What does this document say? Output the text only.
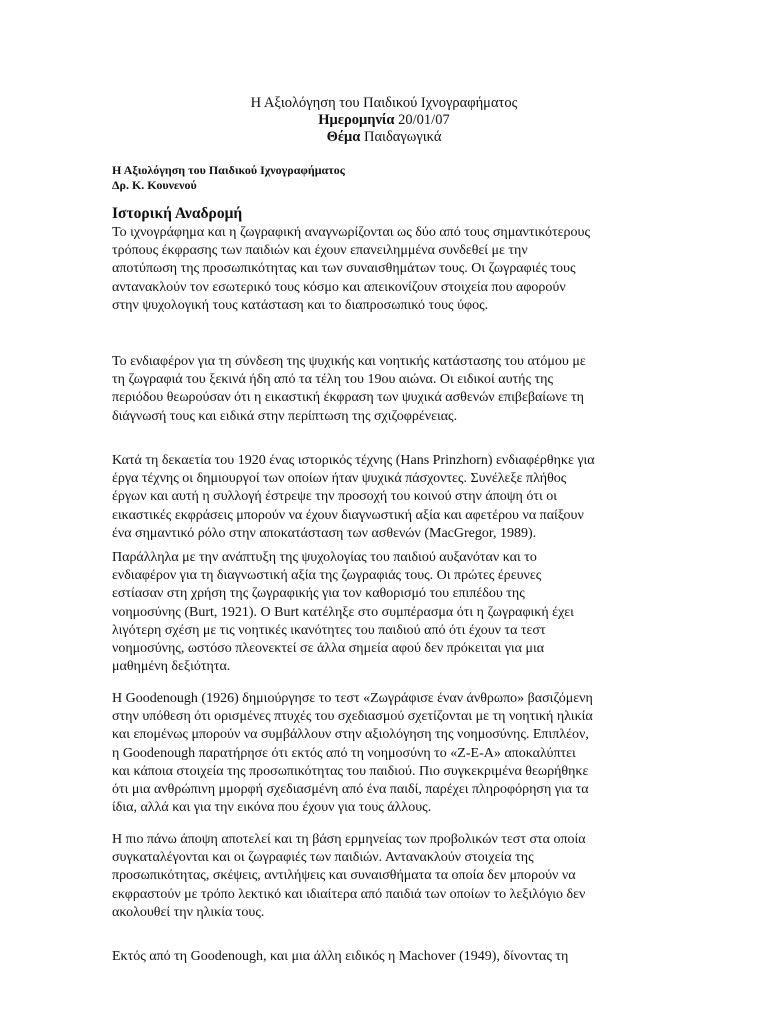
Η Αξιολόγηση του Παιδικού Ιχνογραφήματος
Ημερομηνία 20/01/07
Θέμα Παιδαγωγικά
Η Αξιολόγηση του Παιδικού Ιχνογραφήματος
Δρ. Κ. Κουνενού
Ιστορική Αναδρομή
Το ιχνογράφημα και η ζωγραφική αναγνωρίζονται ως δύο από τους σημαντικότερους
τρόπους έκφρασης των παιδιών και έχουν επανειλημμένα συνδεθεί με την
αποτύπωση της προσωπικότητας και των συναισθημάτων τους. Οι ζωγραφιές τους
αντανακλούν τον εσωτερικό τους κόσμο και απεικονίζουν στοιχεία που αφορούν
στην ψυχολογική τους κατάσταση και το διαπροσωπικό τους ύφος.
Το ενδιαφέρον για τη σύνδεση της ψυχικής και νοητικής κατάστασης του ατόμου με
τη ζωγραφιά του ξεκινά ήδη από τα τέλη του 19ου αιώνα. Οι ειδικοί αυτής της
περιόδου θεωρούσαν ότι η εικαστική έκφραση των ψυχικά ασθενών επιβεβαίωνε τη
διάγνωσή τους και ειδικά στην περίπτωση της σχιζοφρένειας.
Κατά τη δεκαετία του 1920 ένας ιστορικός τέχνης (Hans Prinzhorn) ενδιαφέρθηκε για
έργα τέχνης οι δημιουργοί των οποίων ήταν ψυχικά πάσχοντες. Συνέλεξε πλήθος
έργων και αυτή η συλλογή έστρεψε την προσοχή του κοινού στην άποψη ότι οι
εικαστικές εκφράσεις μπορούν να έχουν διαγνωστική αξία και αφετέρου να παίξουν
ένα σημαντικό ρόλο στην αποκατάσταση των ασθενών (MacGregor, 1989).
Παράλληλα με την ανάπτυξη της ψυχολογίας του παιδιού αυξανόταν και το
ενδιαφέρον για τη διαγνωστική αξία της ζωγραφιάς τους. Οι πρώτες έρευνες
εστίασαν στη χρήση της ζωγραφικής για τον καθορισμό του επιπέδου της
νοημοσύνης (Burt, 1921). O Burt κατέληξε στο συμπέρασμα ότι η ζωγραφική έχει
λιγότερη σχέση με τις νοητικές ικανότητες του παιδιού από ότι έχουν τα τεστ
νοημοσύνης, ωστόσο πλεονεκτεί σε άλλα σημεία αφού δεν πρόκειται για μια
μαθημένη δεξιότητα.
Η Goodenough (1926) δημιούργησε το τεστ «Ζωγράφισε έναν άνθρωπο» βασιζόμενη
στην υπόθεση ότι ορισμένες πτυχές του σχεδιασμού σχετίζονται με τη νοητική ηλικία
και επομένως μπορούν να συμβάλλουν στην αξιολόγηση της νοημοσύνης. Επιπλέον,
η Goodenough παρατήρησε ότι εκτός από τη νοημοσύνη το «Ζ-Ε-Α» αποκαλύπτει
και κάποια στοιχεία της προσωπικότητας του παιδιού. Πιο συγκεκριμένα θεωρήθηκε
ότι μια ανθρώπινη μμορφή σχεδιασμένη από ένα παιδί, παρέχει πληροφόρηση για τα
ίδια, αλλά και για την εικόνα που έχουν για τους άλλους.
Η πιο πάνω άποψη αποτελεί και τη βάση ερμηνείας των προβολικών τεστ στα οποία
συγκαταλέγονται και οι ζωγραφιές των παιδιών. Αντανακλούν στοιχεία της
προσωπικότητας, σκέψεις, αντιλήψεις και συναισθήματα τα οποία δεν μπορούν να
εκφραστούν με τρόπο λεκτικό και ιδιαίτερα από παιδιά των οποίων το λεξιλόγιο δεν
ακολουθεί την ηλικία τους.
Εκτός από τη Goodenough, και μια άλλη ειδικός η Machover (1949), δίνοντας τη
